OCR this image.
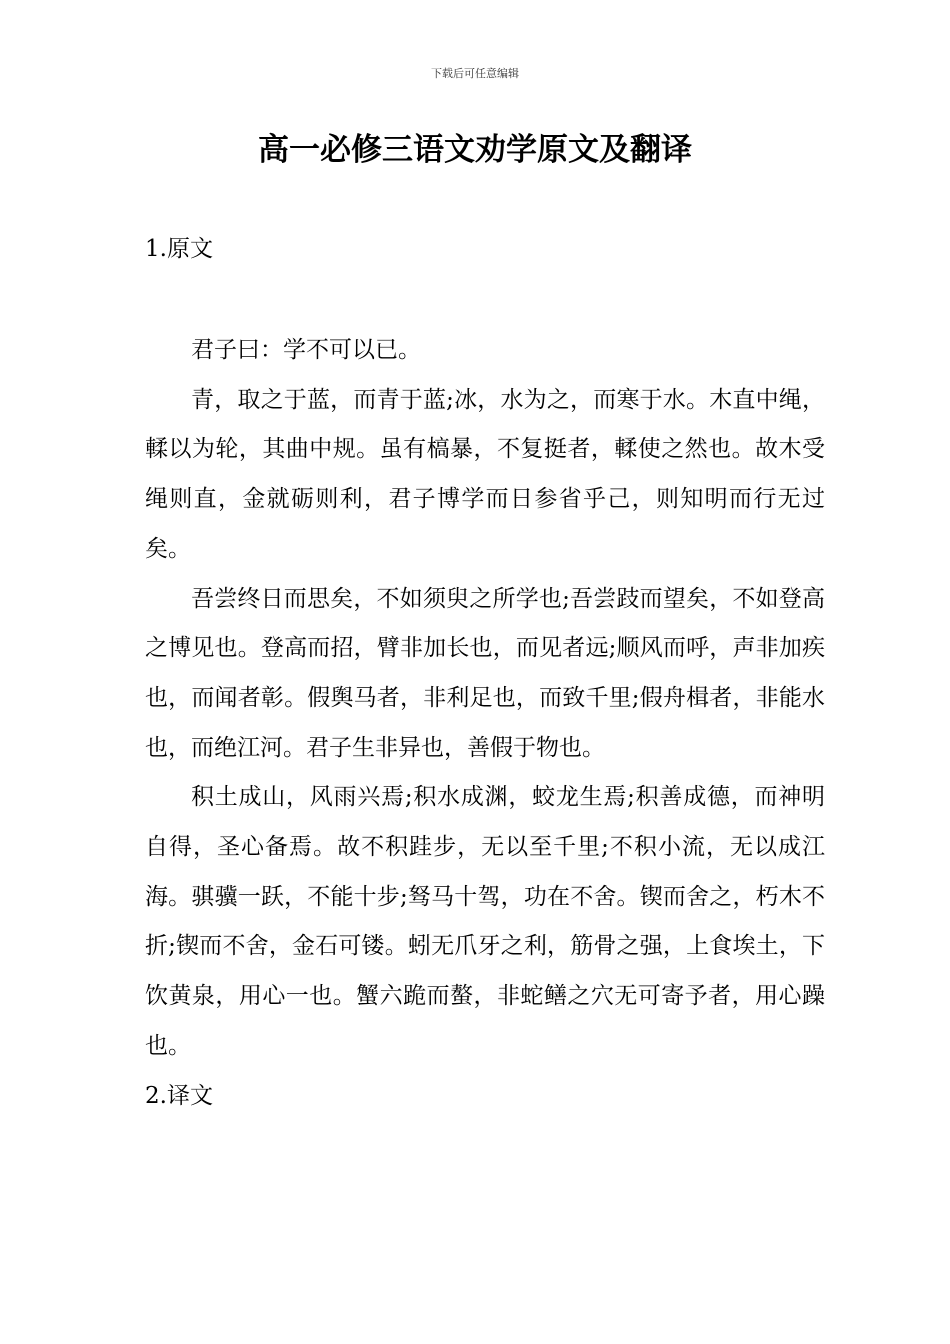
下载后可任意编辑
高一必修三语文劝学原文及翻译
1.原文

君子曰：学不可以已。

青，取之于蓝，而青于蓝;冰，水为之，而寒于水。木直中绳，輮以为轮，其曲中规。虽有槁暴，不复挺者，輮使之然也。故木受绳则直，金就砺则利，君子博学而日参省乎己，则知明而行无过矣。

吾尝终日而思矣，不如须臾之所学也;吾尝跂而望矣，不如登高之博见也。登高而招，臂非加长也，而见者远;顺风而呼，声非加疾也，而闻者彰。假舆马者，非利足也，而致千里;假舟楫者，非能水也，而绝江河。君子生非异也，善假于物也。

积土成山，风雨兴焉;积水成渊，蛟龙生焉;积善成德，而神明自得，圣心备焉。故不积跬步，无以至千里;不积小流，无以成江海。骐骥一跃，不能十步;驽马十驾，功在不舍。锲而舍之，朽木不折;锲而不舍，金石可镂。蚓无爪牙之利，筋骨之强，上食埃土，下饮黄泉，用心一也。蟹六跪而螯，非蛇鳝之穴无可寄予者，用心躁也。

2.译文
